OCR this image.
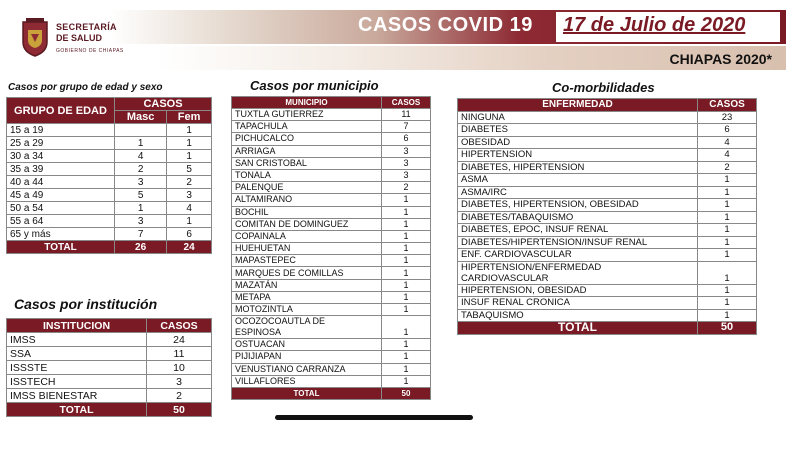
SECRETARÍA
DE SALUD
GOBIERNO DE CHIAPAS
CASOS COVID 19 17 de Julio de 2020
CHIAPAS 2020*
Casos por grupo de edad y sexo
GRUPO DE EDAD	CASOS	
	Masc	Fem
15 a 19		1
25 a 29	1	1
30 a 34	4	1
35 a 39	2	5
40 a 44	3	2
45 a 49	5	3
50 a 54	1	4
55 a 64	3	1
65 y más	7	6
TOTAL	26	24
Casos por institución
INSTITUCION	CASOS
IMSS	24
SSA	11
ISSSTE	10
ISSTECH	3
IMSS BIENESTAR	2
TOTAL	50
Casos por municipio
MUNICIPIO	CASOS

TUXTLA GUTIERREZ	11

TAPACHULA	7

PICHUCALCO	6

ARRIAGA	3

SAN CRISTOBAL	3

TONALA	3

PALENQUE	2

ALTAMIRANO	1

BOCHIL	1

COMITAN DE DOMINGUEZ	1

COPAINALA	1

HUEHUETAN	1

MAPASTEPEC	1

MARQUES DE COMILLAS	1

MAZATÁN	1

METAPA	1

MOTOZINTLA	1

OCOZOCOAUTLA DE
ESPINOSA	1

OSTUACAN	1

PIJIJIAPAN	1

VENUSTIANO CARRANZA	1

VILLAFLORES	1
TOTAL	50
Co-morbilidades
ENFERMEDAD	CASOS

NINGUNA	23

DIABETES	6

OBESIDAD	4

HIPERTENSION	4

DIABETES, HIPERTENSION	2

ASMA	1

ASMA/IRC	1

DIABETES, HIPERTENSION, OBESIDAD	1

DIABETES/TABAQUISMO	1

DIABETES, EPOC, INSUF RENAL	1

DIABETES/HIPERTENSION/INSUF RENAL	1

ENF. CARDIOVASCULAR	1

HIPERTENSION/ENFERMEDAD
CARDIOVASCULAR	1

HIPERTENSION, OBESIDAD	1

INSUF RENAL CRONICA	1

TABAQUISMO	1
TOTAL	50
